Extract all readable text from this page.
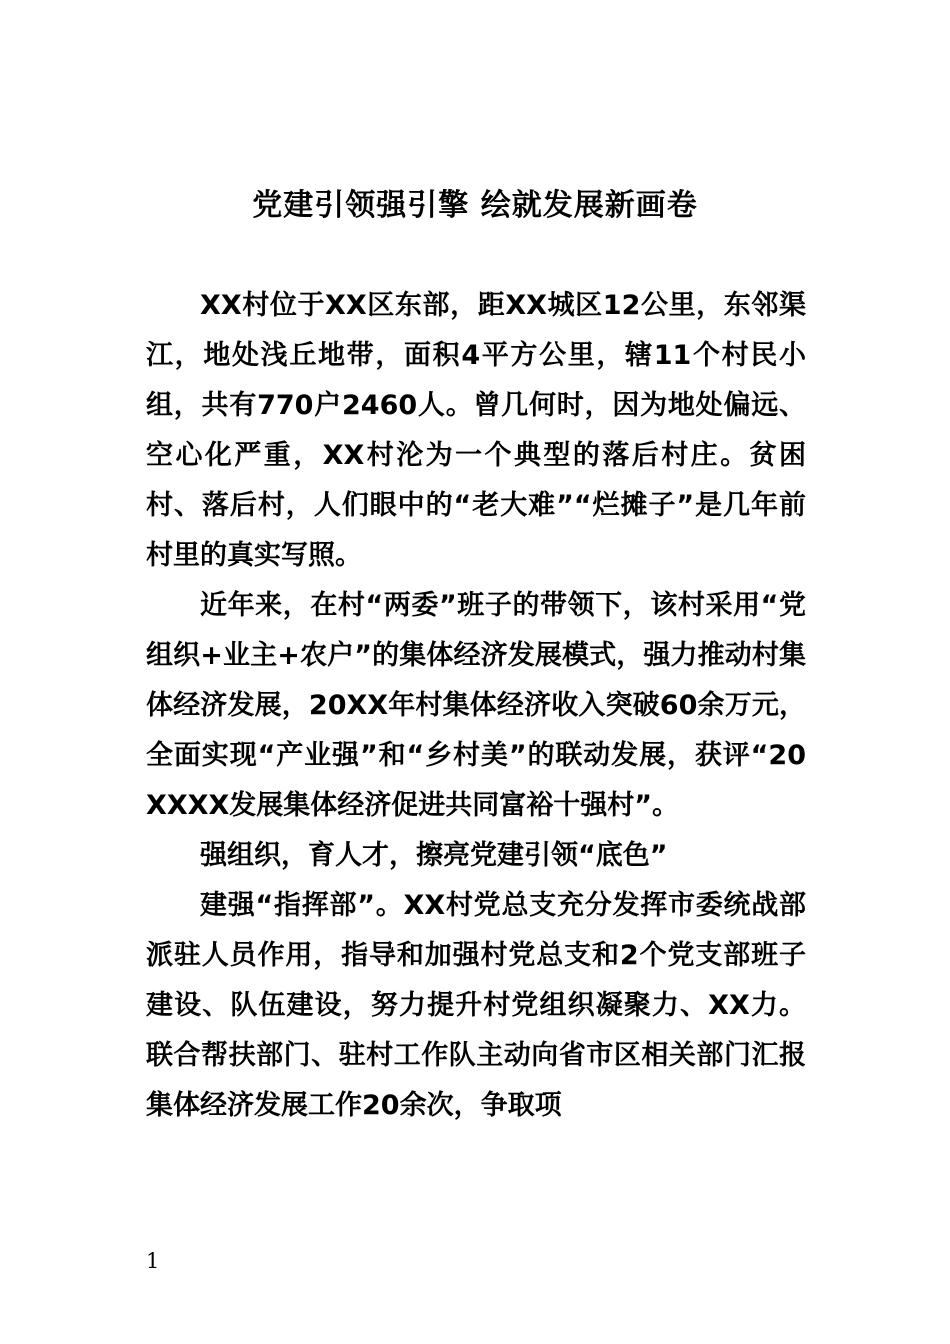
党建引领强引擎 绘就发展新画卷

XX村位于XX区东部，距XX城区12公里，东邻渠江，地处浅丘地带，面积4平方公里，辖11个村民小组，共有770户2460人。曾几何时，因为地处偏远、空心化严重，XX村沦为一个典型的落后村庄。贫困村、落后村，人们眼中的“老大难”“烂摊子”是几年前村里的真实写照。

近年来，在村“两委”班子的带领下，该村采用“党组织+业主+农户”的集体经济发展模式，强力推动村集体经济发展，20XX年村集体经济收入突破60余万元，全面实现“产业强”和“乡村美”的联动发展，获评“20XXXX发展集体经济促进共同富裕十强村”。

强组织，育人才，擦亮党建引领“底色”

建强“指挥部”。XX村党总支充分发挥市委统战部派驻人员作用，指导和加强村党总支和2个党支部班子建设、队伍建设，努力提升村党组织凝聚力、XX力。联合帮扶部门、驻村工作队主动向省市区相关部门汇报集体经济发展工作20余次，争取项

1
